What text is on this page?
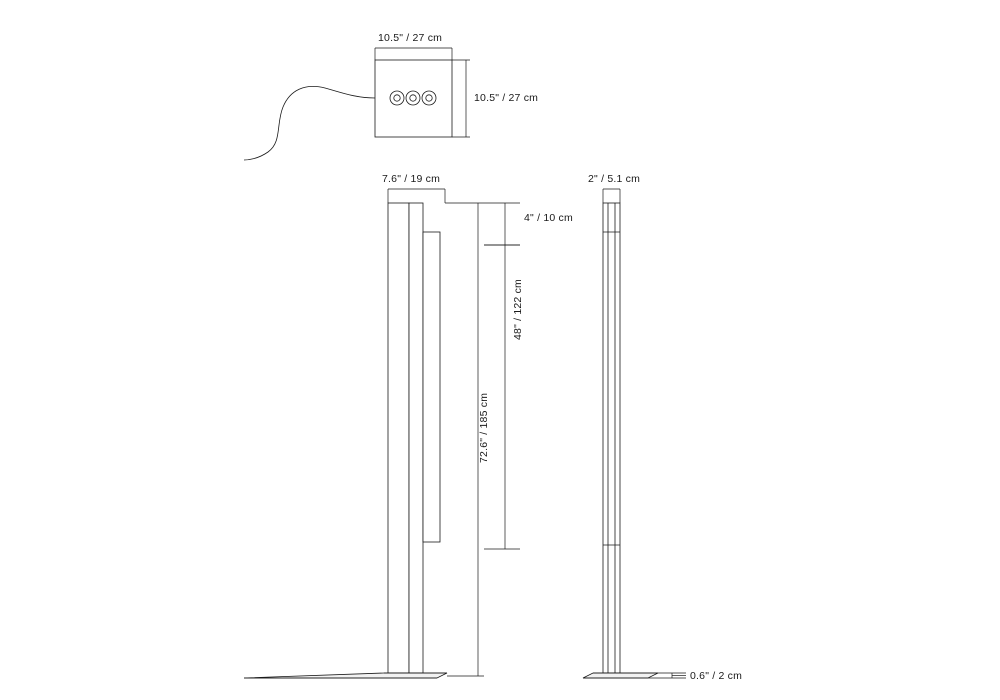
10.5" / 27 cm
10.5" / 27 cm
7.6" / 19 cm	2" / 5.1 cm
4" / 10 cm
48" / 122 cm
72.6" / 185 cm
0.6" / 2 cm
